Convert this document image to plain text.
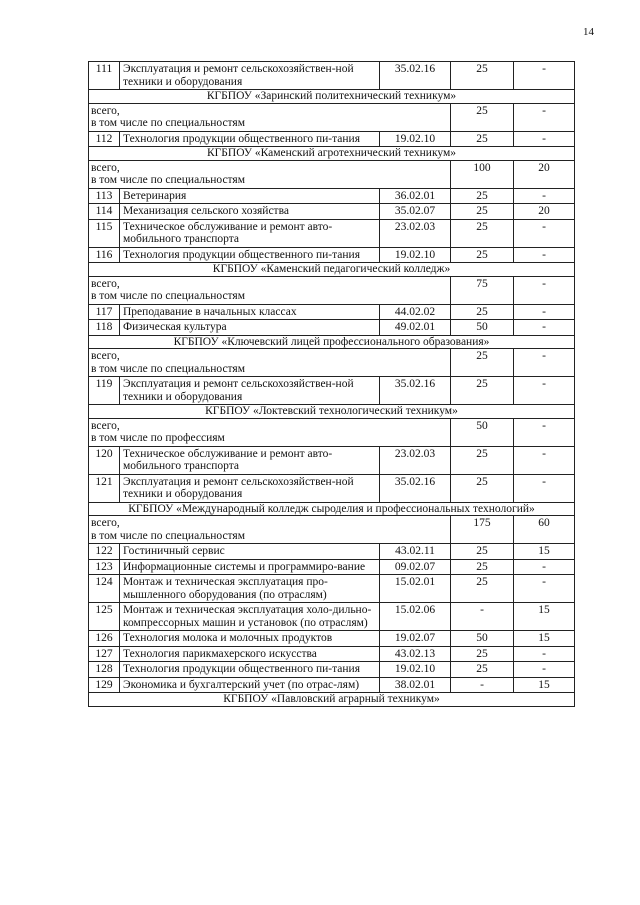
14
111	Эксплуатация и ремонт сельскохозяйствен-ной техники и оборудования	35.02.16	25	-
КГБПОУ «Заринский политехнический техникум»				

всего,
в том числе по специальностям			25	-
112	Технология продукции общественного пи-тания	19.02.10	25	-
КГБПОУ «Каменский агротехнический техникум»				

всего,
в том числе по специальностям			100	20
113	Ветеринария	36.02.01	25	-
114	Механизация сельского хозяйства	35.02.07	25	20
115	Техническое обслуживание и ремонт авто-мобильного транспорта	23.02.03	25	-
116	Технология продукции общественного пи-тания	19.02.10	25	-
КГБПОУ «Каменский педагогический колледж»				

всего,
в том числе по специальностям			75	-
117	Преподавание в начальных классах	44.02.02	25	-
118	Физическая культура	49.02.01	50	-
КГБПОУ «Ключевский лицей профессионального образования»				

всего,
в том числе по специальностям			25	-
119	Эксплуатация и ремонт сельскохозяйствен-ной техники и оборудования	35.02.16	25	-
КГБПОУ «Локтевский технологический техникум»				

всего,
в том числе по профессиям			50	-
120	Техническое обслуживание и ремонт авто-мобильного транспорта	23.02.03	25	-
121	Эксплуатация и ремонт сельскохозяйствен-ной техники и оборудования	35.02.16	25	-
КГБПОУ «Международный колледж сыроделия и профессиональных технологий»				

всего,
в том числе по специальностям			175	60
122	Гостиничный сервис	43.02.11	25	15
123	Информационные системы и программиро-вание	09.02.07	25	-
124	Монтаж и техническая эксплуатация про-мышленного оборудования (по отраслям)	15.02.01	25	-
125	Монтаж и техническая эксплуатация холо-дильно-компрессорных машин и установок (по отраслям)	15.02.06	-	15
126	Технология молока и молочных продуктов	19.02.07	50	15
127	Технология парикмахерского искусства	43.02.13	25	-
128	Технология продукции общественного пи-тания	19.02.10	25	-
129	Экономика и бухгалтерский учет (по отрас-лям)	38.02.01	-	15
КГБПОУ «Павловский аграрный техникум»				
